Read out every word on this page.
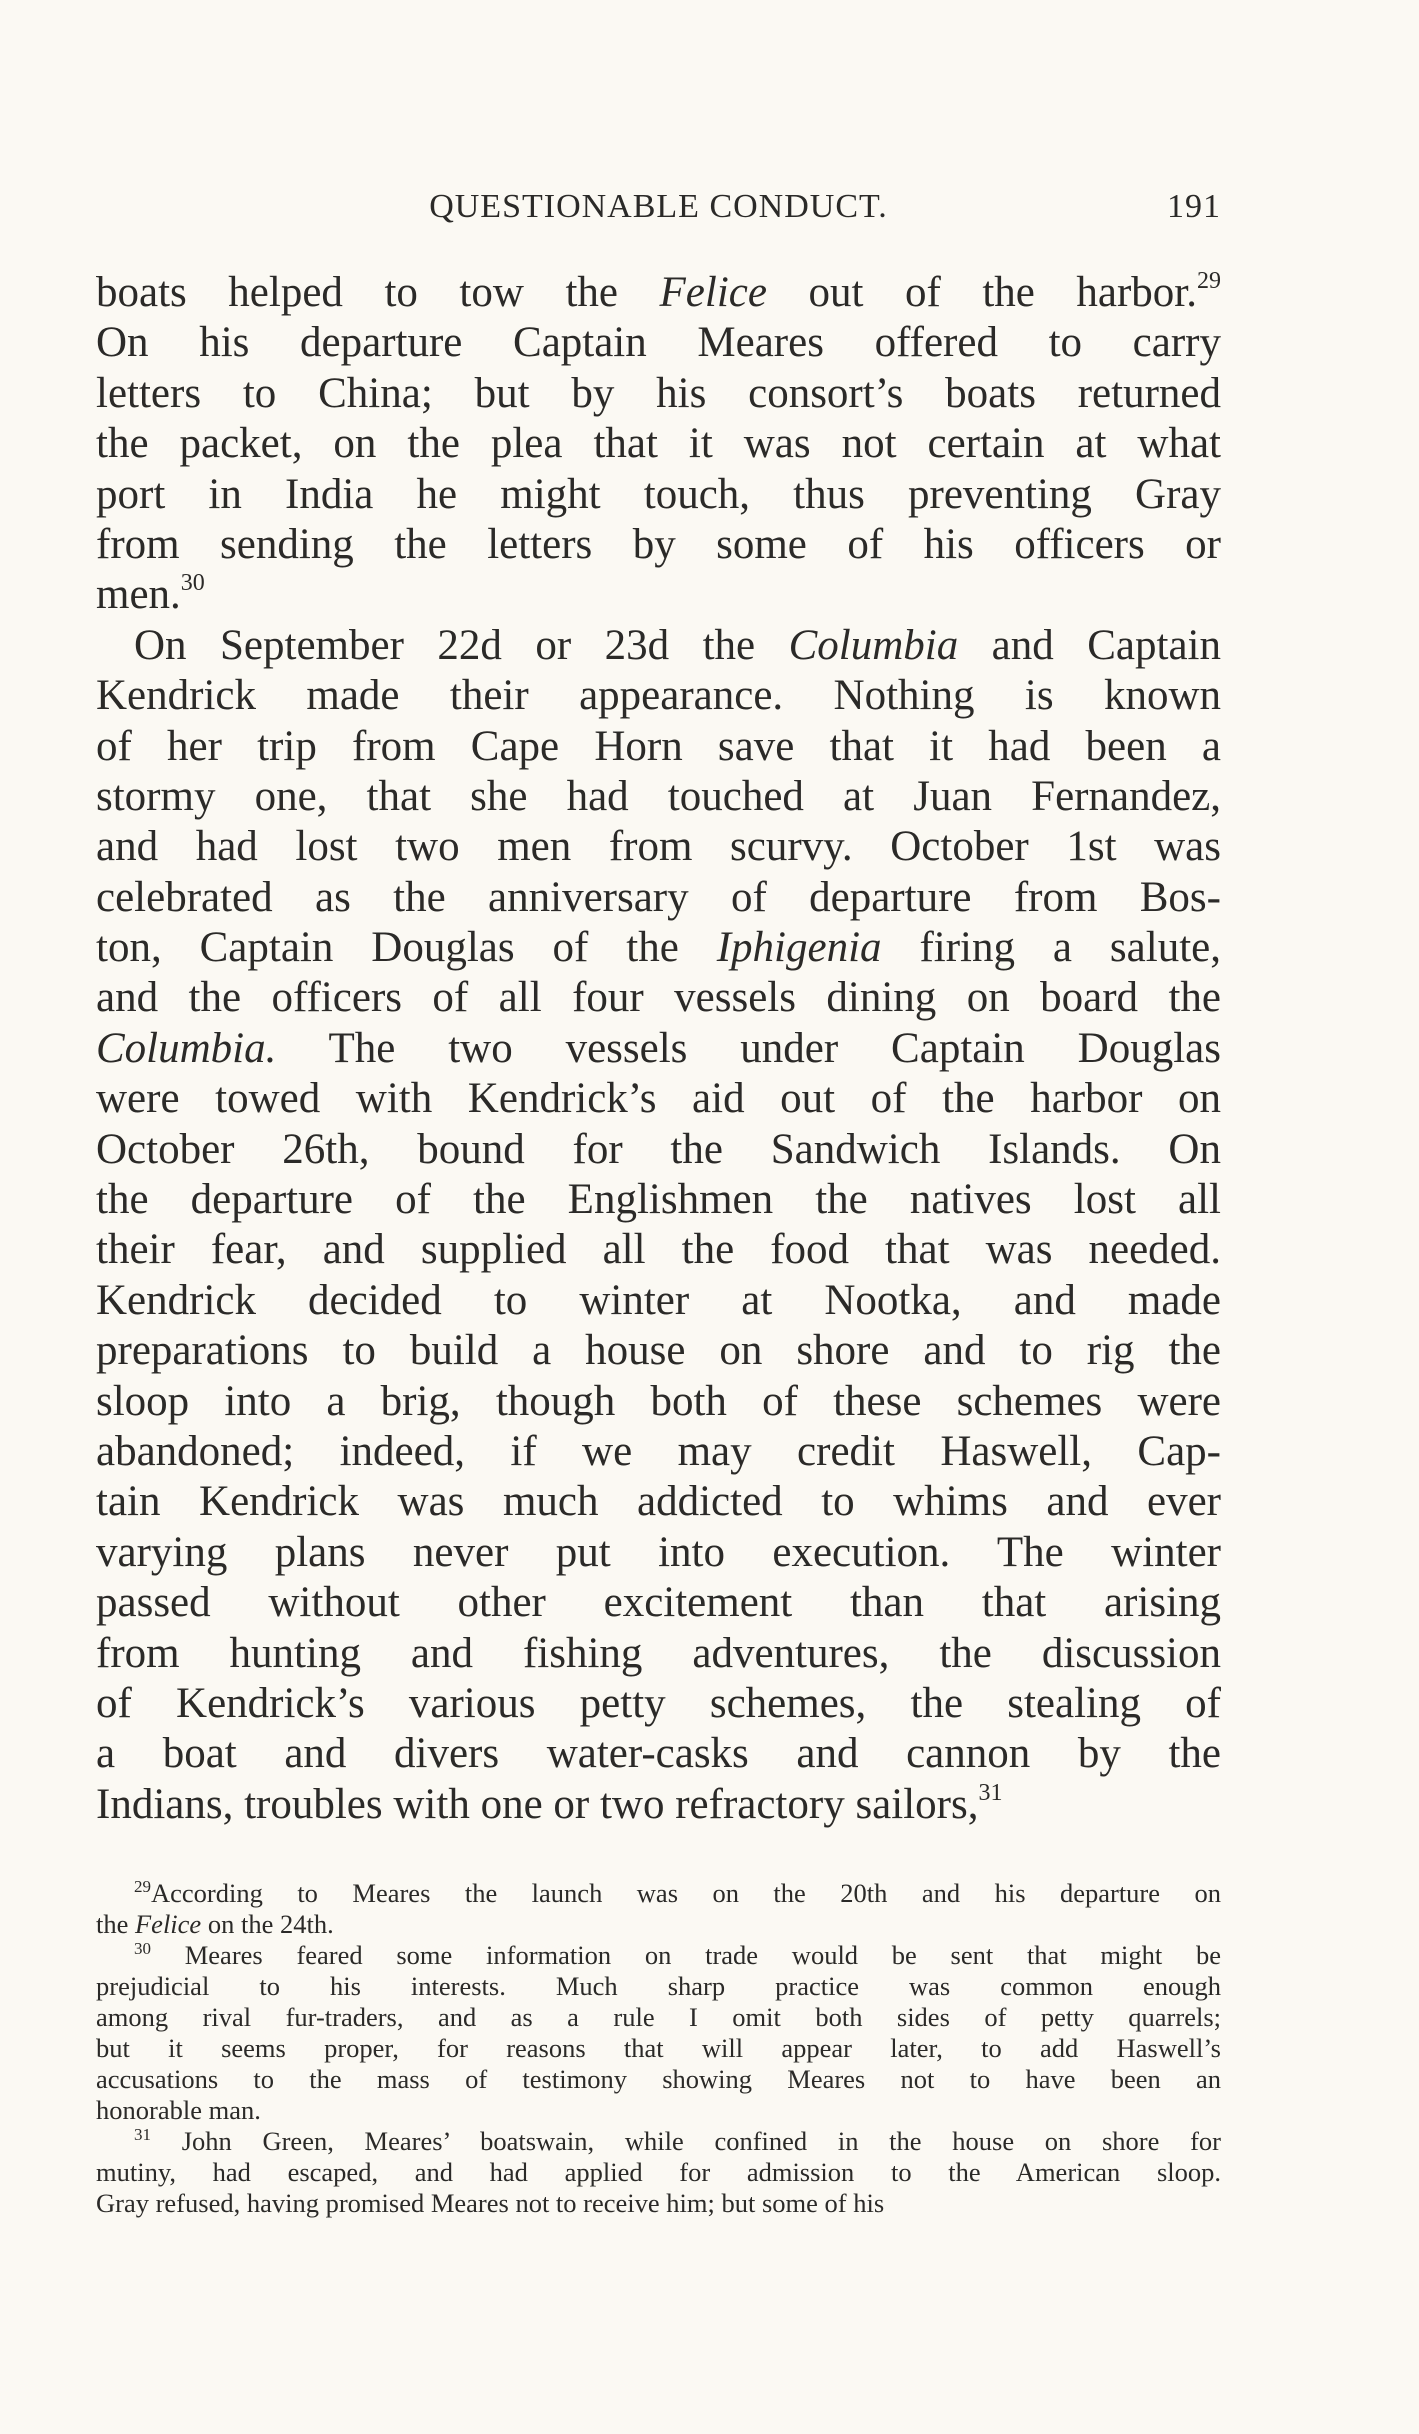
QUESTIONABLE CONDUCT.	191
boats helped to tow the Felice out of the harbor.$^{29}$
On his departure Captain Meares offered to carry
letters to China; but by his consort’s boats returned
the packet, on the plea that it was not certain at what
port in India he might touch, thus preventing Gray
from sending the letters by some of his officers or
men.$^{30}$
On September 22d or 23d the Columbia and Captain
Kendrick made their appearance. Nothing is known
of her trip from Cape Horn save that it had been a
stormy one, that she had touched at Juan Fernandez,
and had lost two men from scurvy. October 1st was
celebrated as the anniversary of departure from Bos-
ton, Captain Douglas of the Iphigenia firing a salute,
and the officers of all four vessels dining on board the
Columbia. The two vessels under Captain Douglas
were towed with Kendrick’s aid out of the harbor on
October 26th, bound for the Sandwich Islands. On
the departure of the Englishmen the natives lost all
their fear, and supplied all the food that was needed.
Kendrick decided to winter at Nootka, and made
preparations to build a house on shore and to rig the
sloop into a brig, though both of these schemes were
abandoned; indeed, if we may credit Haswell, Cap-
tain Kendrick was much addicted to whims and ever
varying plans never put into execution. The winter
passed without other excitement than that arising
from hunting and fishing adventures, the discussion
of Kendrick’s various petty schemes, the stealing of
a boat and divers water-casks and cannon by the
Indians, troubles with one or two refractory sailors,$^{31}$
$^{29}$According to Meares the launch was on the 20th and his departure on
the Felice on the 24th.
$^{30}$ Meares feared some information on trade would be sent that might be
prejudicial to his interests. Much sharp practice was common enough
among rival fur-traders, and as a rule I omit both sides of petty quarrels;
but it seems proper, for reasons that will appear later, to add Haswell’s
accusations to the mass of testimony showing Meares not to have been an
honorable man.
$^{31}$ John Green, Meares’ boatswain, while confined in the house on shore for
mutiny, had escaped, and had applied for admission to the American sloop.
Gray refused, having promised Meares not to receive him; but some of his
